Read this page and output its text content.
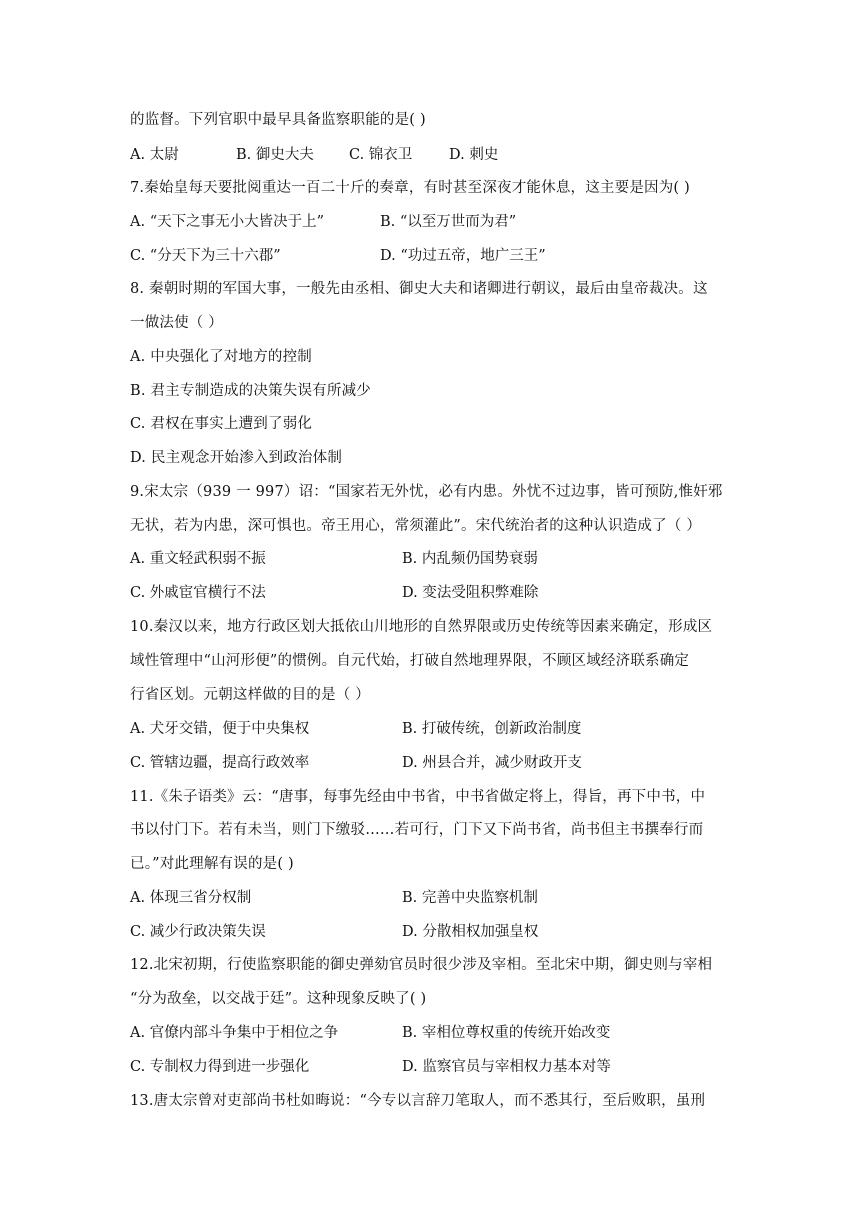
的监督。下列官职中最早具备监察职能的是( )
A. 太尉	B. 御史大夫 C. 锦衣卫	D. 刺史
7.秦始皇每天要批阅重达一百二十斤的奏章，有时甚至深夜才能休息，这主要是因为( )
A. “天下之事无小大皆决于上”	B. “以至万世而为君”
C. “分天下为三十六郡”	D. “功过五帝，地广三王”
8. 秦朝时期的军国大事，一般先由丞相、御史大夫和诸卿进行朝议，最后由皇帝裁决。这
一做法使（ ）
A. 中央强化了对地方的控制
B. 君主专制造成的决策失误有所减少
C. 君权在事实上遭到了弱化
D. 民主观念开始渗入到政治体制
9.宋太宗（939 一 997）诏：“国家若无外忧，必有内患。外忧不过边事，皆可预防,惟奸邪
无状，若为内患，深可惧也。帝王用心，常须灌此”。宋代统治者的这种认识造成了（ ）
A. 重文轻武积弱不振	B. 内乱频仍国势衰弱
C. 外戚宦官横行不法	D. 变法受阻积弊难除
10.秦汉以来，地方行政区划大抵依山川地形的自然界限或历史传统等因素来确定，形成区
域性管理中“山河形便”的惯例。自元代始，打破自然地理界限，不顾区域经济联系确定
行省区划。元朝这样做的目的是（ ）
A. 犬牙交错，便于中央集权	B. 打破传统，创新政治制度
C. 管辖边疆，提高行政效率	D. 州县合并，减少财政开支
11.《朱子语类》云：“唐事，每事先经由中书省，中书省做定将上，得旨，再下中书，中
书以付门下。若有未当，则门下缴驳……若可行，门下又下尚书省，尚书但主书撰奉行而
已。”对此理解有误的是( )
A. 体现三省分权制	B. 完善中央监察机制
C. 减少行政决策失误	D. 分散相权加强皇权
12.北宋初期，行使监察职能的御史弹劾官员时很少涉及宰相。至北宋中期，御史则与宰相
“分为敌垒，以交战于廷”。这种现象反映了( )
A. 官僚内部斗争集中于相位之争	B. 宰相位尊权重的传统开始改变
C. 专制权力得到进一步强化	D. 监察官员与宰相权力基本对等
13.唐太宗曾对吏部尚书杜如晦说：“今专以言辞刀笔取人，而不悉其行，至后败职，虽刑
